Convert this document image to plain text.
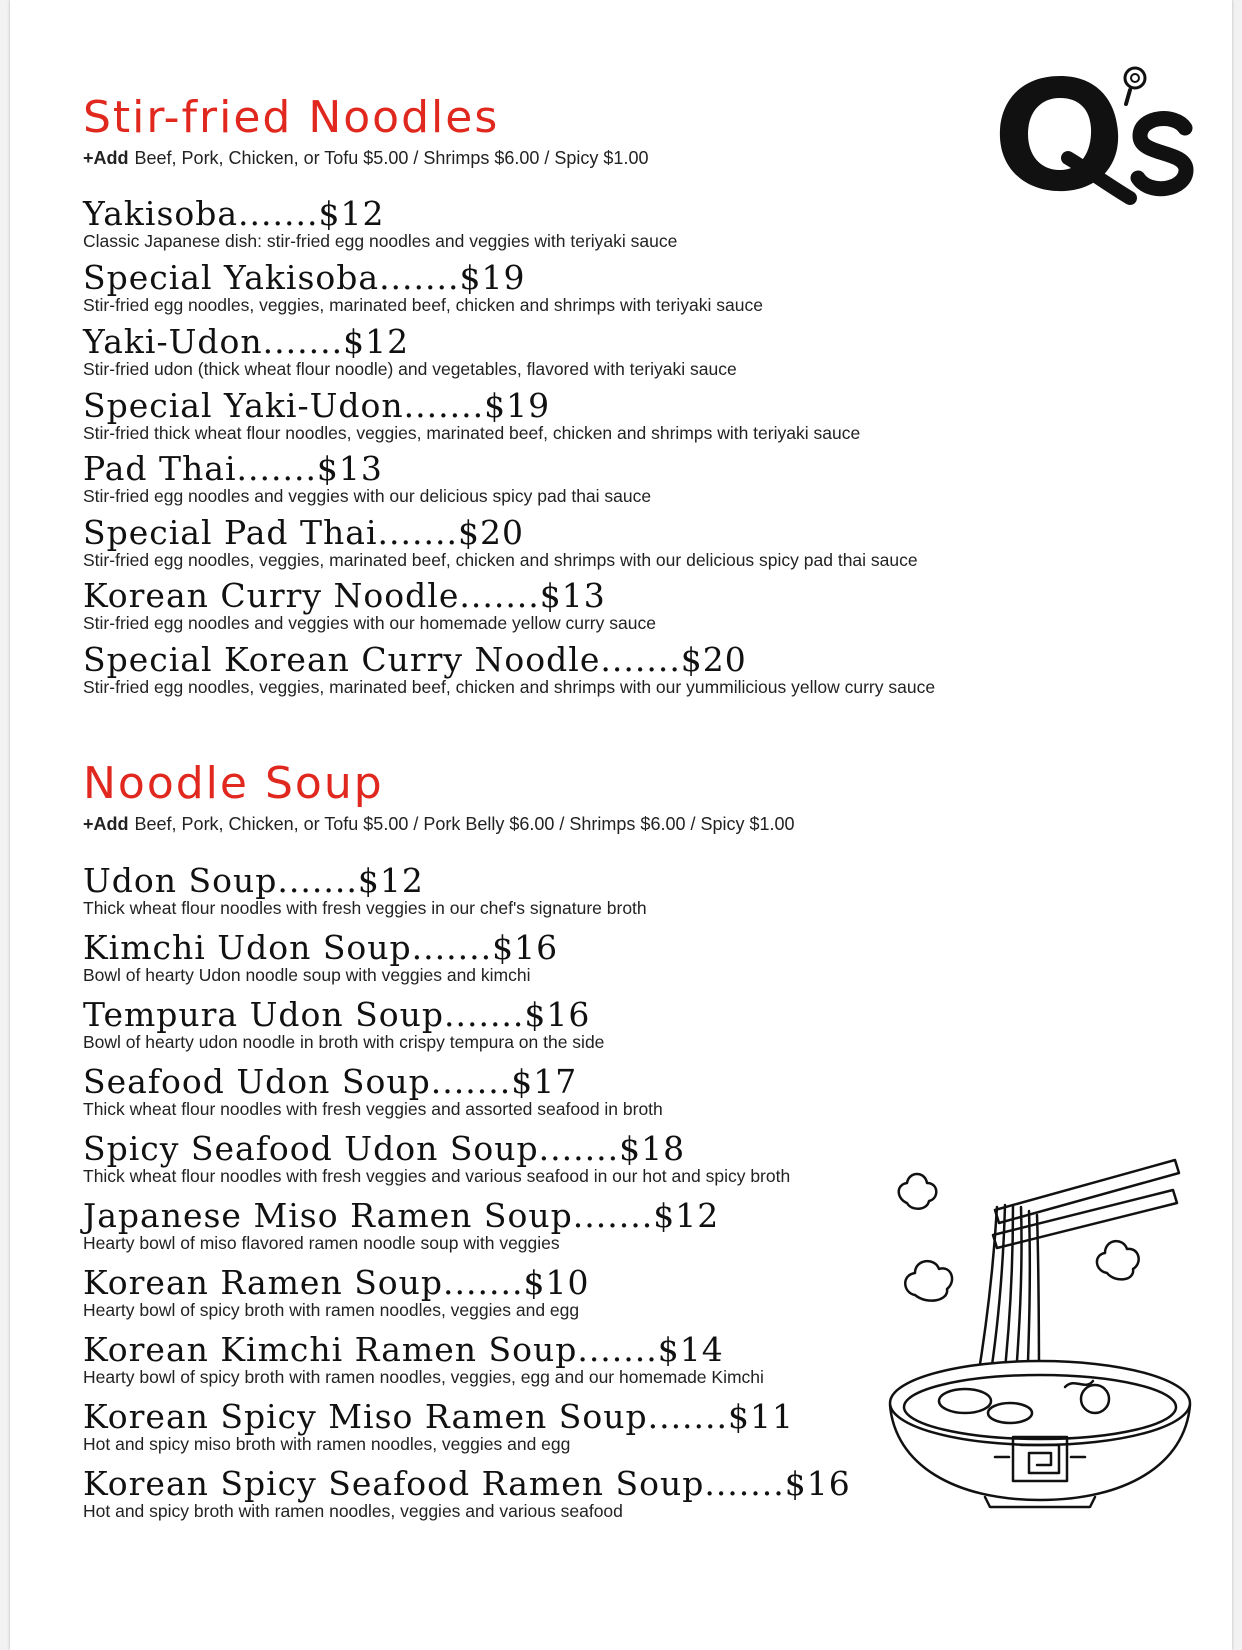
Stir-fried Noodles
+Add Beef, Pork, Chicken, or Tofu $5.00 / Shrimps $6.00 / Spicy $1.00
Yakisoba.......$12
Classic Japanese dish: stir-fried egg noodles and veggies with teriyaki sauce
Special Yakisoba.......$19
Stir-fried egg noodles, veggies, marinated beef, chicken and shrimps with teriyaki sauce
Yaki-Udon.......$12
Stir-fried udon (thick wheat flour noodle) and vegetables, flavored with teriyaki sauce
Special Yaki-Udon.......$19
Stir-fried thick wheat flour noodles, veggies, marinated beef, chicken and shrimps with teriyaki sauce
Pad Thai.......$13
Stir-fried egg noodles and veggies with our delicious spicy pad thai sauce
Special Pad Thai.......$20
Stir-fried egg noodles, veggies, marinated beef, chicken and shrimps with our delicious spicy pad thai sauce
Korean Curry Noodle.......$13
Stir-fried egg noodles and veggies with our homemade yellow curry sauce
Special Korean Curry Noodle.......$20
Stir-fried egg noodles, veggies, marinated beef, chicken and shrimps with our yummilicious yellow curry sauce
Noodle Soup
+Add Beef, Pork, Chicken, or Tofu $5.00 / Pork Belly $6.00 / Shrimps $6.00 / Spicy $1.00
Udon Soup.......$12
Thick wheat flour noodles with fresh veggies in our chef's signature broth
Kimchi Udon Soup.......$16
Bowl of hearty Udon noodle soup with veggies and kimchi
Tempura Udon Soup.......$16
Bowl of hearty udon noodle in broth with crispy tempura on the side
Seafood Udon Soup.......$17
Thick wheat flour noodles with fresh veggies and assorted seafood in broth
Spicy Seafood Udon Soup.......$18
Thick wheat flour noodles with fresh veggies and various seafood in our hot and spicy broth
Japanese Miso Ramen Soup.......$12
Hearty bowl of miso flavored ramen noodle soup with veggies
Korean Ramen Soup.......$10
Hearty bowl of spicy broth with ramen noodles, veggies and egg
Korean Kimchi Ramen Soup.......$14
Hearty bowl of spicy broth with ramen noodles, veggies, egg and our homemade Kimchi
Korean Spicy Miso Ramen Soup.......$11
Hot and spicy miso broth with ramen noodles, veggies and egg
Korean Spicy Seafood Ramen Soup.......$16
Hot and spicy broth with ramen noodles, veggies and various seafood
